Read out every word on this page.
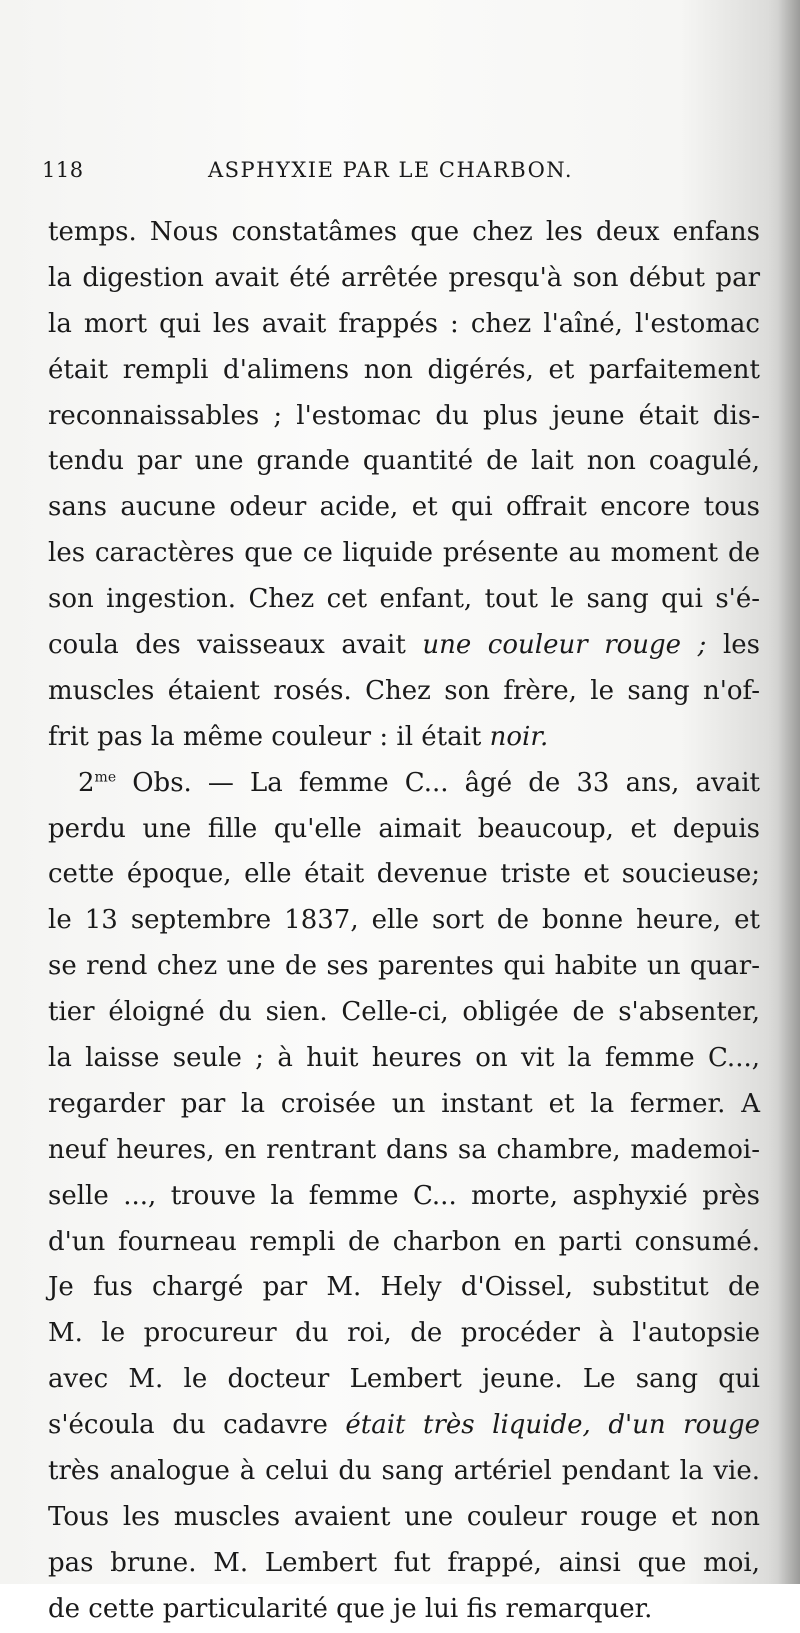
118	ASPHYXIE PAR LE CHARBON.
temps. Nous constatâmes que chez les deux enfans
la digestion avait été arrêtée presqu'à son début par
la mort qui les avait frappés : chez l'aîné, l'estomac
était rempli d'alimens non digérés, et parfaitement
reconnaissables ; l'estomac du plus jeune était dis-
tendu par une grande quantité de lait non coagulé,
sans aucune odeur acide, et qui offrait encore tous
les caractères que ce liquide présente au moment de
son ingestion. Chez cet enfant, tout le sang qui s'é-
coula des vaisseaux avait une couleur rouge ; les
muscles étaient rosés. Chez son frère, le sang n'of-
frit pas la même couleur : il était noir.
$2^{me}$ Obs. — La femme C... âgé de 33 ans, avait
perdu une fille qu'elle aimait beaucoup, et depuis
cette époque, elle était devenue triste et soucieuse;
le 13 septembre 1837, elle sort de bonne heure, et
se rend chez une de ses parentes qui habite un quar-
tier éloigné du sien. Celle-ci, obligée de s'absenter,
la laisse seule ; à huit heures on vit la femme C...,
regarder par la croisée un instant et la fermer. A
neuf heures, en rentrant dans sa chambre, mademoi-
selle ..., trouve la femme C... morte, asphyxié près
d'un fourneau rempli de charbon en parti consumé.
Je fus chargé par M. Hely d'Oissel, substitut de
M. le procureur du roi, de procéder à l'autopsie
avec M. le docteur Lembert jeune. Le sang qui
s'écoula du cadavre était très liquide, d'un rouge
très analogue à celui du sang artériel pendant la vie.
Tous les muscles avaient une couleur rouge et non
pas brune. M. Lembert fut frappé, ainsi que moi,
de cette particularité que je lui fis remarquer.
